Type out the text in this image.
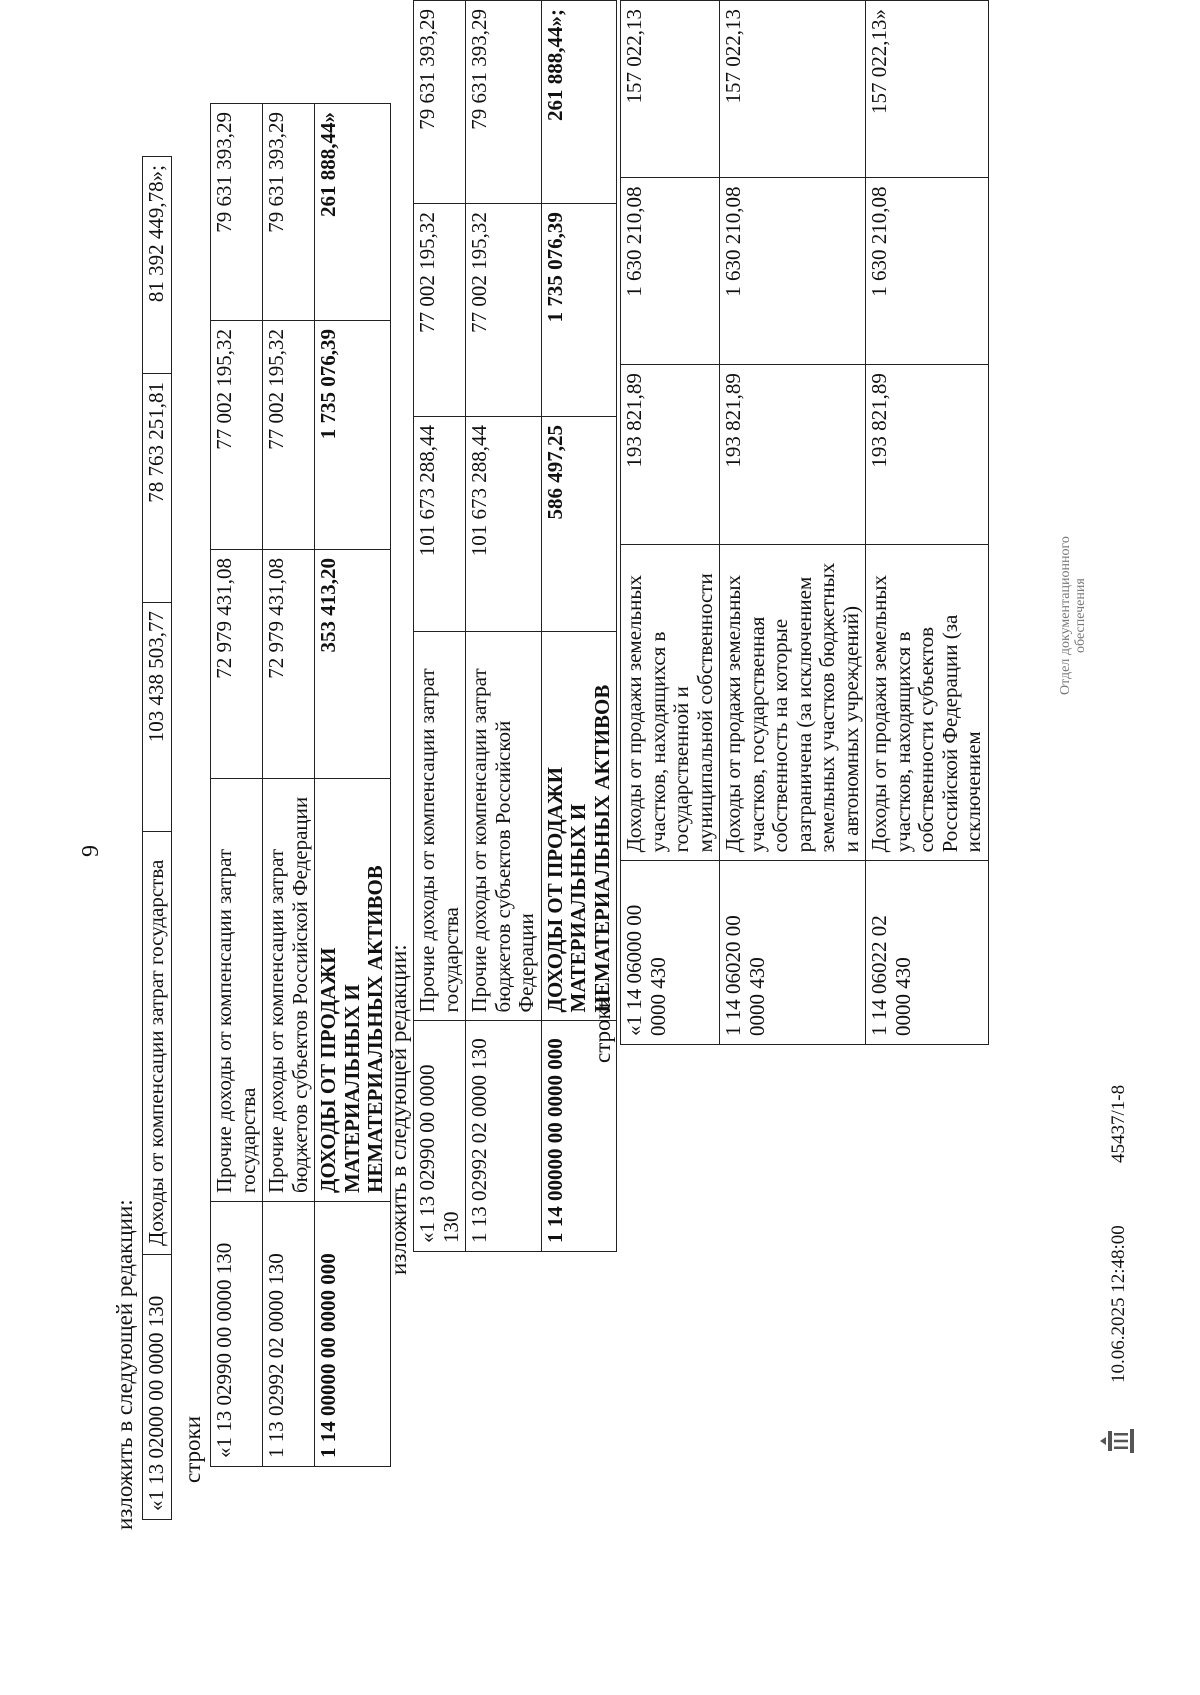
9
изложить в следующей редакции: «1 13 02000 00 0000 130	Доходы от компенсации затрат государства	103 438 503,77	78 763 251,81	81 392 449,78»;
строки «1 13 02990 00 0000 130	Прочие доходы от компенсации затрат государства	72 979 431,08	77 002 195,32	79 631 393,29
1 13 02992 02 0000 130	Прочие доходы от компенсации затрат бюджетов субъектов Российской Федерации	72 979 431,08	77 002 195,32	79 631 393,29
1 14 00000 00 0000 000	ДОХОДЫ ОТ ПРОДАЖИ МАТЕРИАЛЬНЫХ И НЕМАТЕРИАЛЬНЫХ АКТИВОВ	353 413,20	1 735 076,39	261 888,44»
изложить в следующей редакции: «1 13 02990 00 0000 130	Прочие доходы от компенсации затрат государства	101 673 288,44	77 002 195,32	79 631 393,29
1 13 02992 02 0000 130	Прочие доходы от компенсации затрат бюджетов субъектов Российской Федерации	101 673 288,44	77 002 195,32	79 631 393,29
1 14 00000 00 0000 000	ДОХОДЫ ОТ ПРОДАЖИ МАТЕРИАЛЬНЫХ И НЕМАТЕРИАЛЬНЫХ АКТИВОВ	586 497,25	1 735 076,39	261 888,44»;
строки «1 14 06000 00 0000 430	Доходы от продажи земельных участков, находящихся в государственной и муниципальной собственности	193 821,89	1 630 210,08	157 022,13
1 14 06020 00 0000 430	Доходы от продажи земельных участков, государственная собственность на которые разграничена (за исключением земельных участков бюджетных и автономных учреждений)	193 821,89	1 630 210,08	157 022,13
1 14 06022 02 0000 430	Доходы от продажи земельных участков, находящихся в собственности субъектов Российской Федерации (за исключением	193 821,89	1 630 210,08	157 022,13»
10.06.2025 12:48:00
45437/1-8
Отдел документационного обеспечения
